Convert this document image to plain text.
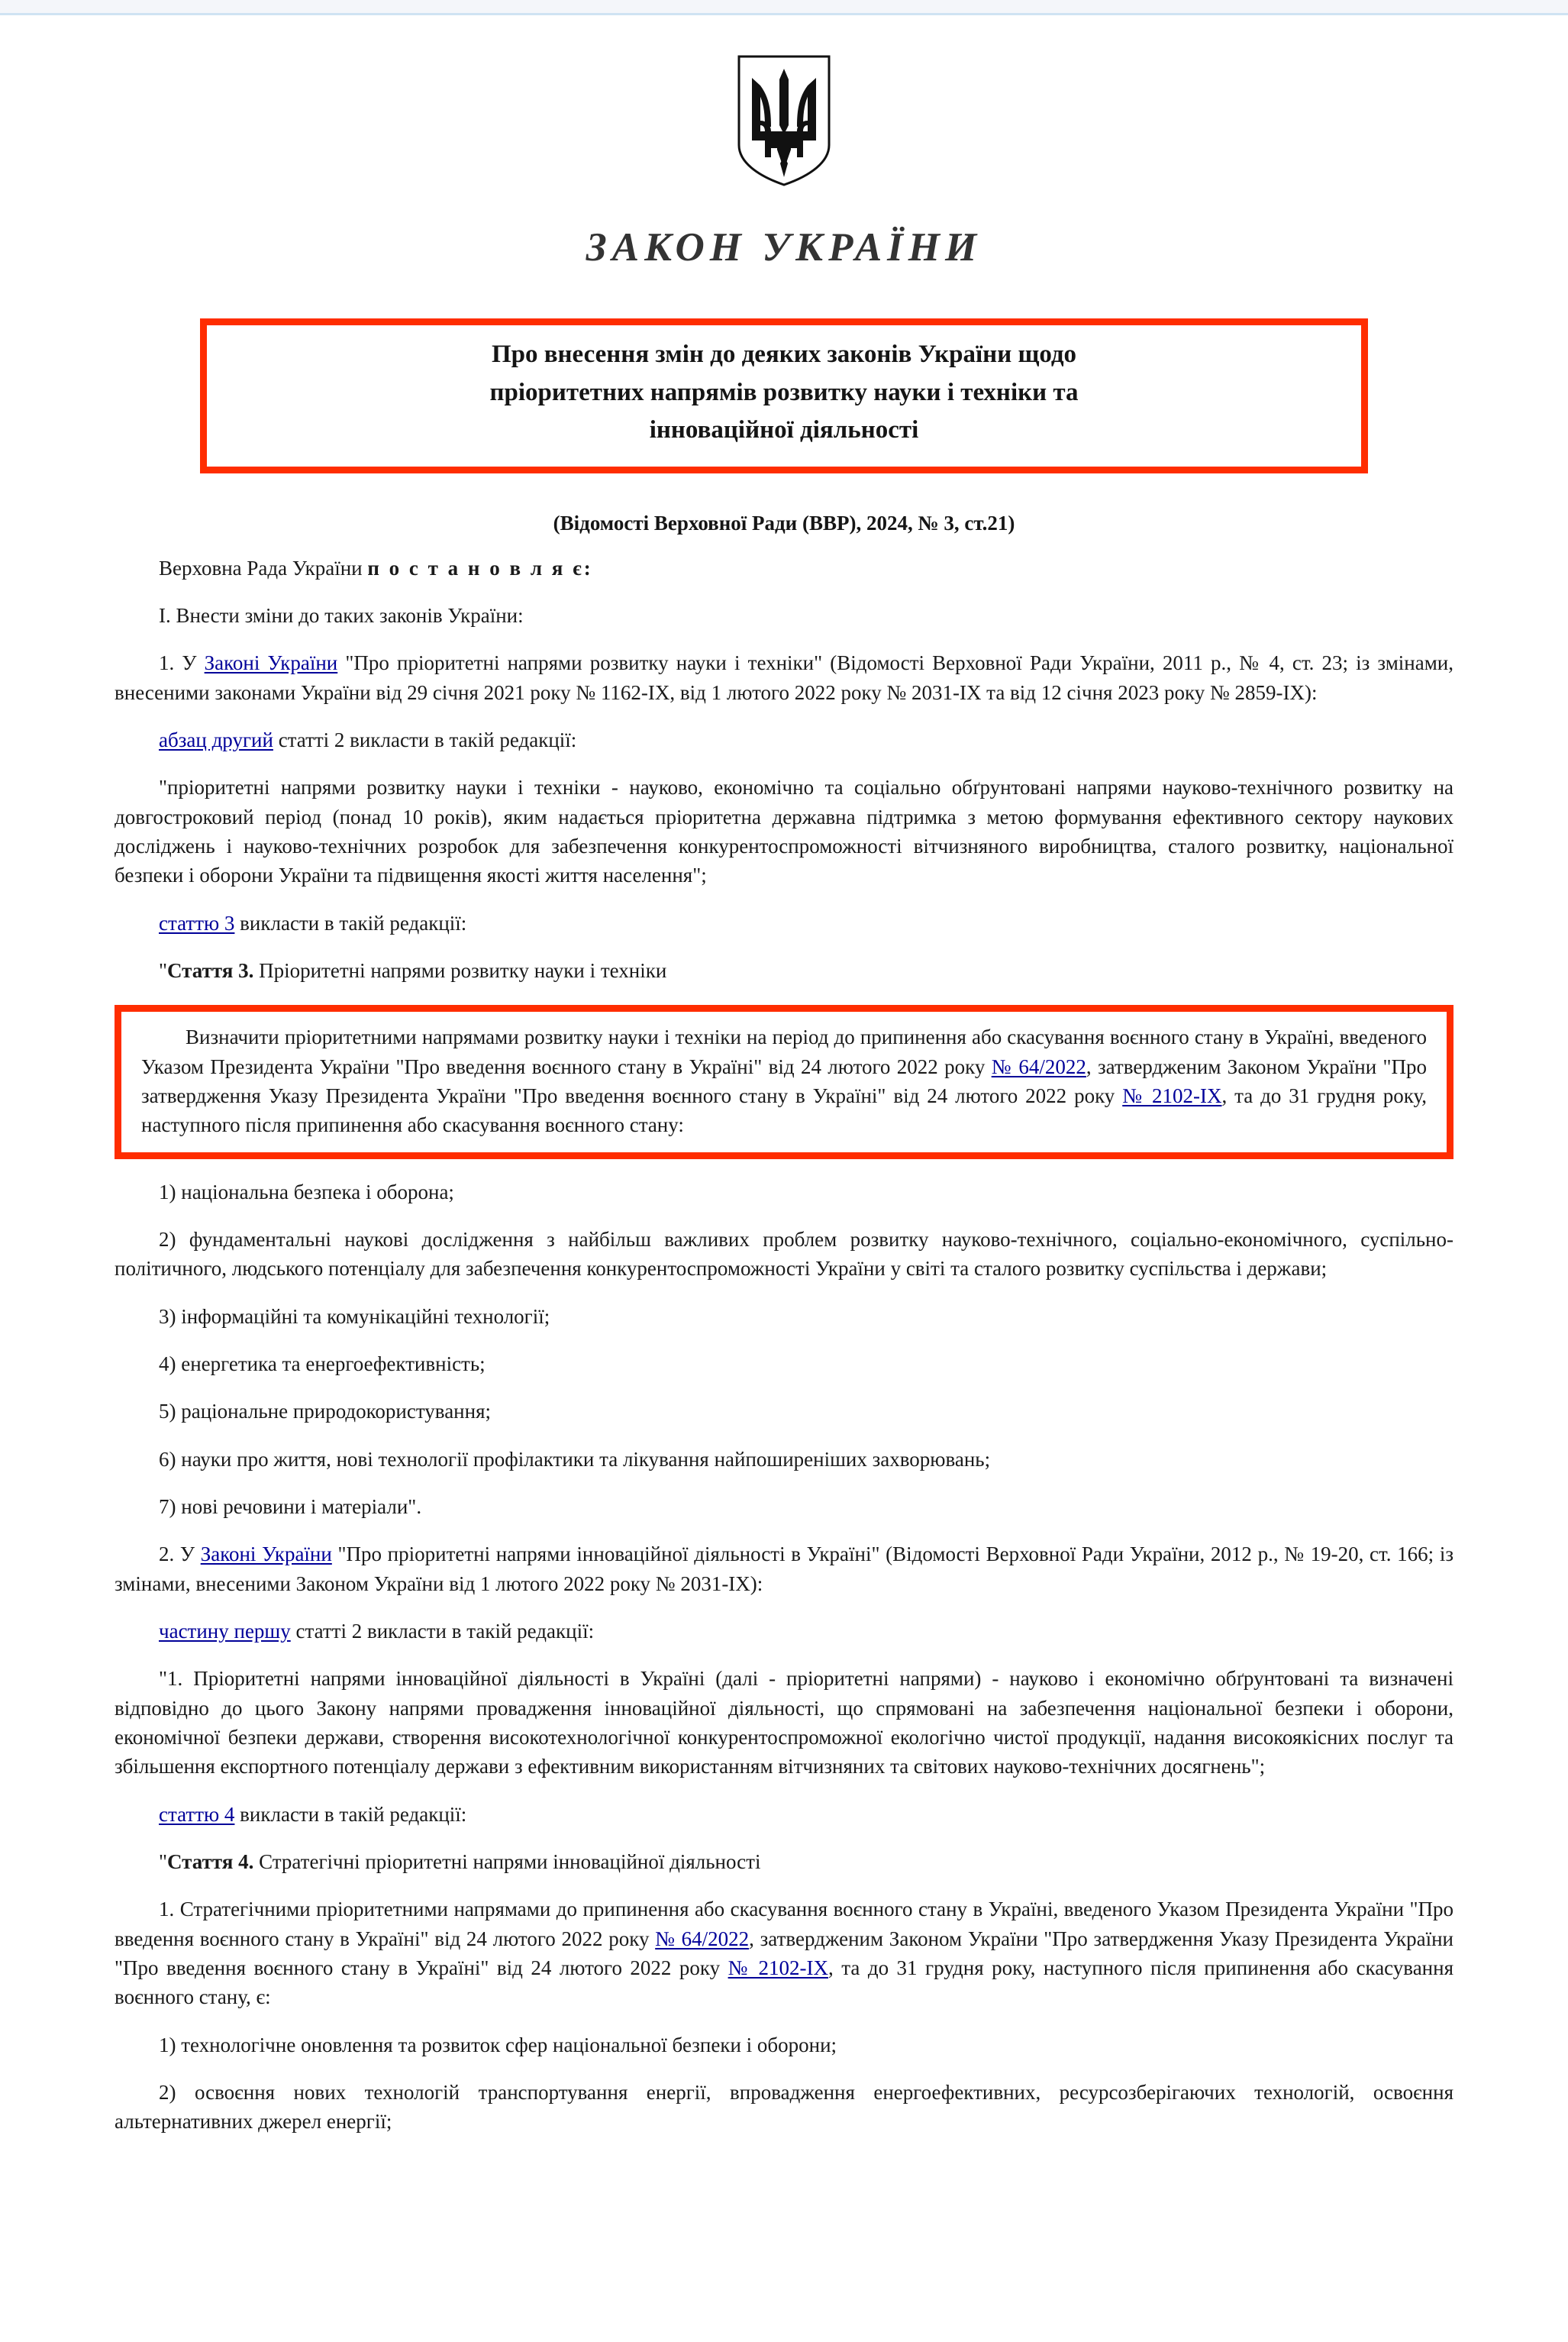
ЗАКОН УКРАЇНИ
Про внесення змін до деяких законів України щодо
пріоритетних напрямів розвитку науки і техніки та
інноваційної діяльності
(Відомості Верховної Ради (ВВР), 2024, № 3, ст.21)

Верховна Рада України п о с т а н о в л я є:

I. Внести зміни до таких законів України:

1. У Законі України "Про пріоритетні напрями розвитку науки і техніки" (Відомості Верховної Ради України, 2011 р., № 4, ст. 23; із змінами, внесеними законами України від 29 січня 2021 року № 1162-IX, від 1 лютого 2022 року № 2031-IX та від 12 січня 2023 року № 2859-IX):

абзац другий статті 2 викласти в такій редакції:

"пріоритетні напрями розвитку науки і техніки - науково, економічно та соціально обґрунтовані напрями науково-технічного розвитку на довгостроковий період (понад 10 років), яким надається пріоритетна державна підтримка з метою формування ефективного сектору наукових досліджень і науково-технічних розробок для забезпечення конкурентоспроможності вітчизняного виробництва, сталого розвитку, національної безпеки і оборони України та підвищення якості життя населення";

статтю 3 викласти в такій редакції:

"Стаття 3. Пріоритетні напрями розвитку науки і техніки

Визначити пріоритетними напрямами розвитку науки і техніки на період до припинення або скасування воєнного стану в Україні, введеного Указом Президента України "Про введення воєнного стану в Україні" від 24 лютого 2022 року № 64/2022, затвердженим Законом України "Про затвердження Указу Президента України "Про введення воєнного стану в Україні" від 24 лютого 2022 року № 2102-IX, та до 31 грудня року, наступного після припинення або скасування воєнного стану:

1) національна безпека і оборона;

2) фундаментальні наукові дослідження з найбільш важливих проблем розвитку науково-технічного, соціально-економічного, суспільно-політичного, людського потенціалу для забезпечення конкурентоспроможності України у світі та сталого розвитку суспільства і держави;

3) інформаційні та комунікаційні технології;

4) енергетика та енергоефективність;

5) раціональне природокористування;

6) науки про життя, нові технології профілактики та лікування найпоширеніших захворювань;

7) нові речовини і матеріали".

2. У Законі України "Про пріоритетні напрями інноваційної діяльності в Україні" (Відомості Верховної Ради України, 2012 р., № 19-20, ст. 166; із змінами, внесеними Законом України від 1 лютого 2022 року № 2031-IX):

частину першу статті 2 викласти в такій редакції:

"1. Пріоритетні напрями інноваційної діяльності в Україні (далі - пріоритетні напрями) - науково і економічно обґрунтовані та визначені відповідно до цього Закону напрями провадження інноваційної діяльності, що спрямовані на забезпечення національної безпеки і оборони, економічної безпеки держави, створення високотехнологічної конкурентоспроможної екологічно чистої продукції, надання високоякісних послуг та збільшення експортного потенціалу держави з ефективним використанням вітчизняних та світових науково-технічних досягнень";

статтю 4 викласти в такій редакції:

"Стаття 4. Стратегічні пріоритетні напрями інноваційної діяльності

1. Стратегічними пріоритетними напрямами до припинення або скасування воєнного стану в Україні, введеного Указом Президента України "Про введення воєнного стану в Україні" від 24 лютого 2022 року № 64/2022, затвердженим Законом України "Про затвердження Указу Президента України "Про введення воєнного стану в Україні" від 24 лютого 2022 року № 2102-IX, та до 31 грудня року, наступного після припинення або скасування воєнного стану, є:

1) технологічне оновлення та розвиток сфер національної безпеки і оборони;

2) освоєння нових технологій транспортування енергії, впровадження енергоефективних, ресурсозберігаючих технологій, освоєння альтернативних джерел енергії;
